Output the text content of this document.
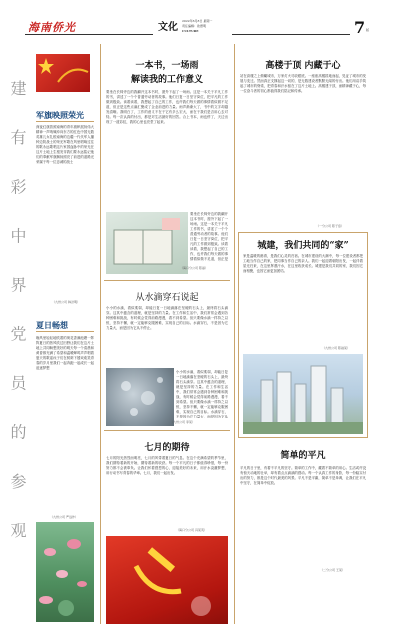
海南侨光	文化
2022年6月8日 星期一
责任编辑：欧德明
CULTURE	7 版
建 有 彩 中 界 党 员 的 参 观 军旗映照荣光
深夜红旗普照南海的青年旗帜展扬伟大精神一声呐喊冲向东方的红色中国无数英雄儿女扎根南海的边疆一代代军人播种边防战士的荣光军歌在风里唱响过往的歌永远歌唱这片家园血脉中的荣光在这片土地上生根发芽我们要永远铭记他们的奉献军旗飘扬照亮了前进的道路光荣属于每一位忠诚的战士
（九州公司 韩洪明）
夏日畅想
晚风里轻轻地吹着的荷花香满池塘一阵阵夏日的热风吹过田野让我们在这片土地上共同畅想美好的明天每一个清晨和黄昏都充满了希望和温暖蝉鸣声声唱着夏天的歌谣孩子们在树荫下嬉戏欢笑青春的岁月里我们一起奔跑一起成长一起追逐梦想
（九州公司 严远作）
一本书，一场雨
解读我的工作意义
要坐在长椅旁边的我翻开这本书时，窗外下起了一场雨。这是一本关于平凡工作的书，讲述了一个个普通劳动者的故事。他们日复一日坚守岗位，把平凡的工作做到极致。读着读着，我想起了自己的工作，也许我们每天做的事情看似微不足道，但正是这些点滴汇聚成了企业前进的力量。雨声渐渐大了，书中的文字却越发清晰。我明白了，工作的意义不在于它有多么宏大，而在于我们是否用心去对待。每一次认真的付出，都是对生活最好的回答。合上书本，雨也停了，天边出现了一道彩虹，我的心里也亮堂了起来。
要坐在长椅旁边的我翻开这本书时，窗外下起了一场雨。这是一本关于平凡工作的书，讲述了一个个普通劳动者的故事。他们日复一日坚守岗位，把平凡的工作做到极致。读着读着，我想起了自己的工作，也许我们每天做的事情看似微不足道，但正是
（海口分公司 陈丽）
从水滴穿石说起
小小的水滴，看似柔弱，却能日复一日地滴落在坚硬的石头上，最终将石头滴穿。这其中蕴含的道理，就是坚持的力量。在工作和生活中，我们常常会遇到各种困难和挑战，有时候会觉得前路漫漫，看不到希望。但只要像水滴一样持之以恒，坚持不懈，就一定能够克服困难，实现自己的目标。水滴穿石，不是因为它力量大，而是因为它从不停止。
小小的水滴，看似柔弱，却能日复一日地滴落在坚硬的石头上，最终将石头滴穿。这其中蕴含的道理，就是坚持的力量。在工作和生活中，我们常常会遇到各种困难和挑战，有时候会觉得前路漫漫，看不到希望。但只要像水滴一样持之以恒，坚持不懈，就一定能够克服困难，实现自己的目标。水滴穿石，不是因为它力量大，而是因为它从
（九州公司 李某）
七月的期待
七月的阳光热烈而明亮，七月的风带着夏日的气息。在这个充满希望的季节里，我们期待着新的开始，期待着新的收获。每一个平凡的日子都值得珍惜，每一份努力都不会被辜负。让我们怀着感恩的心，迎接美好的未来，用汗水浇灌梦想，用行动书写青春的华章。七月，我们一起出发。
（海口分公司 冯某英）
高楼于顶 内藏于心
站在高楼之上俯瞰城市，万家灯火尽收眼底。一座座高楼拔地而起，见证了城市的发展与变迁。然而真正支撑起这一切的，是无数建设者默默无闻的付出。他们用双手筑起了城市的脊梁，把青春和汗水留在了这片土地上。高楼建于顶，而精神藏于心，每一位奋斗者的初心都值得我们铭记和传承。
（一分公司 陈子宸）
城建，我们共同的“家”
家是温暖的港湾，是我们心灵的归宿。在城市建设的大潮中，每一位建设者都把工地当作自己的家，把同事当作自己的亲人。我们一起迎着朝阳出发，一起伴着星光归来，在这里挥洒汗水，在这里收获成长。城建是我们共同的家，我们因它而相聚，也因它而更加团结。
（九州公司 陈淑某）
简单的平凡
平凡的日子里，有着不平凡的坚守。简单的工作中，藏着不简单的用心。生活或许没有惊天动地的壮举，却有着点点滴滴的感动。每一个认真工作的身影，每一份踏实付出的努力，都是这个时代最美的风景。平凡不是平庸，简单不是单调，让我们在平凡中坚守，在简单中绽放。
（二分公司 王某）
